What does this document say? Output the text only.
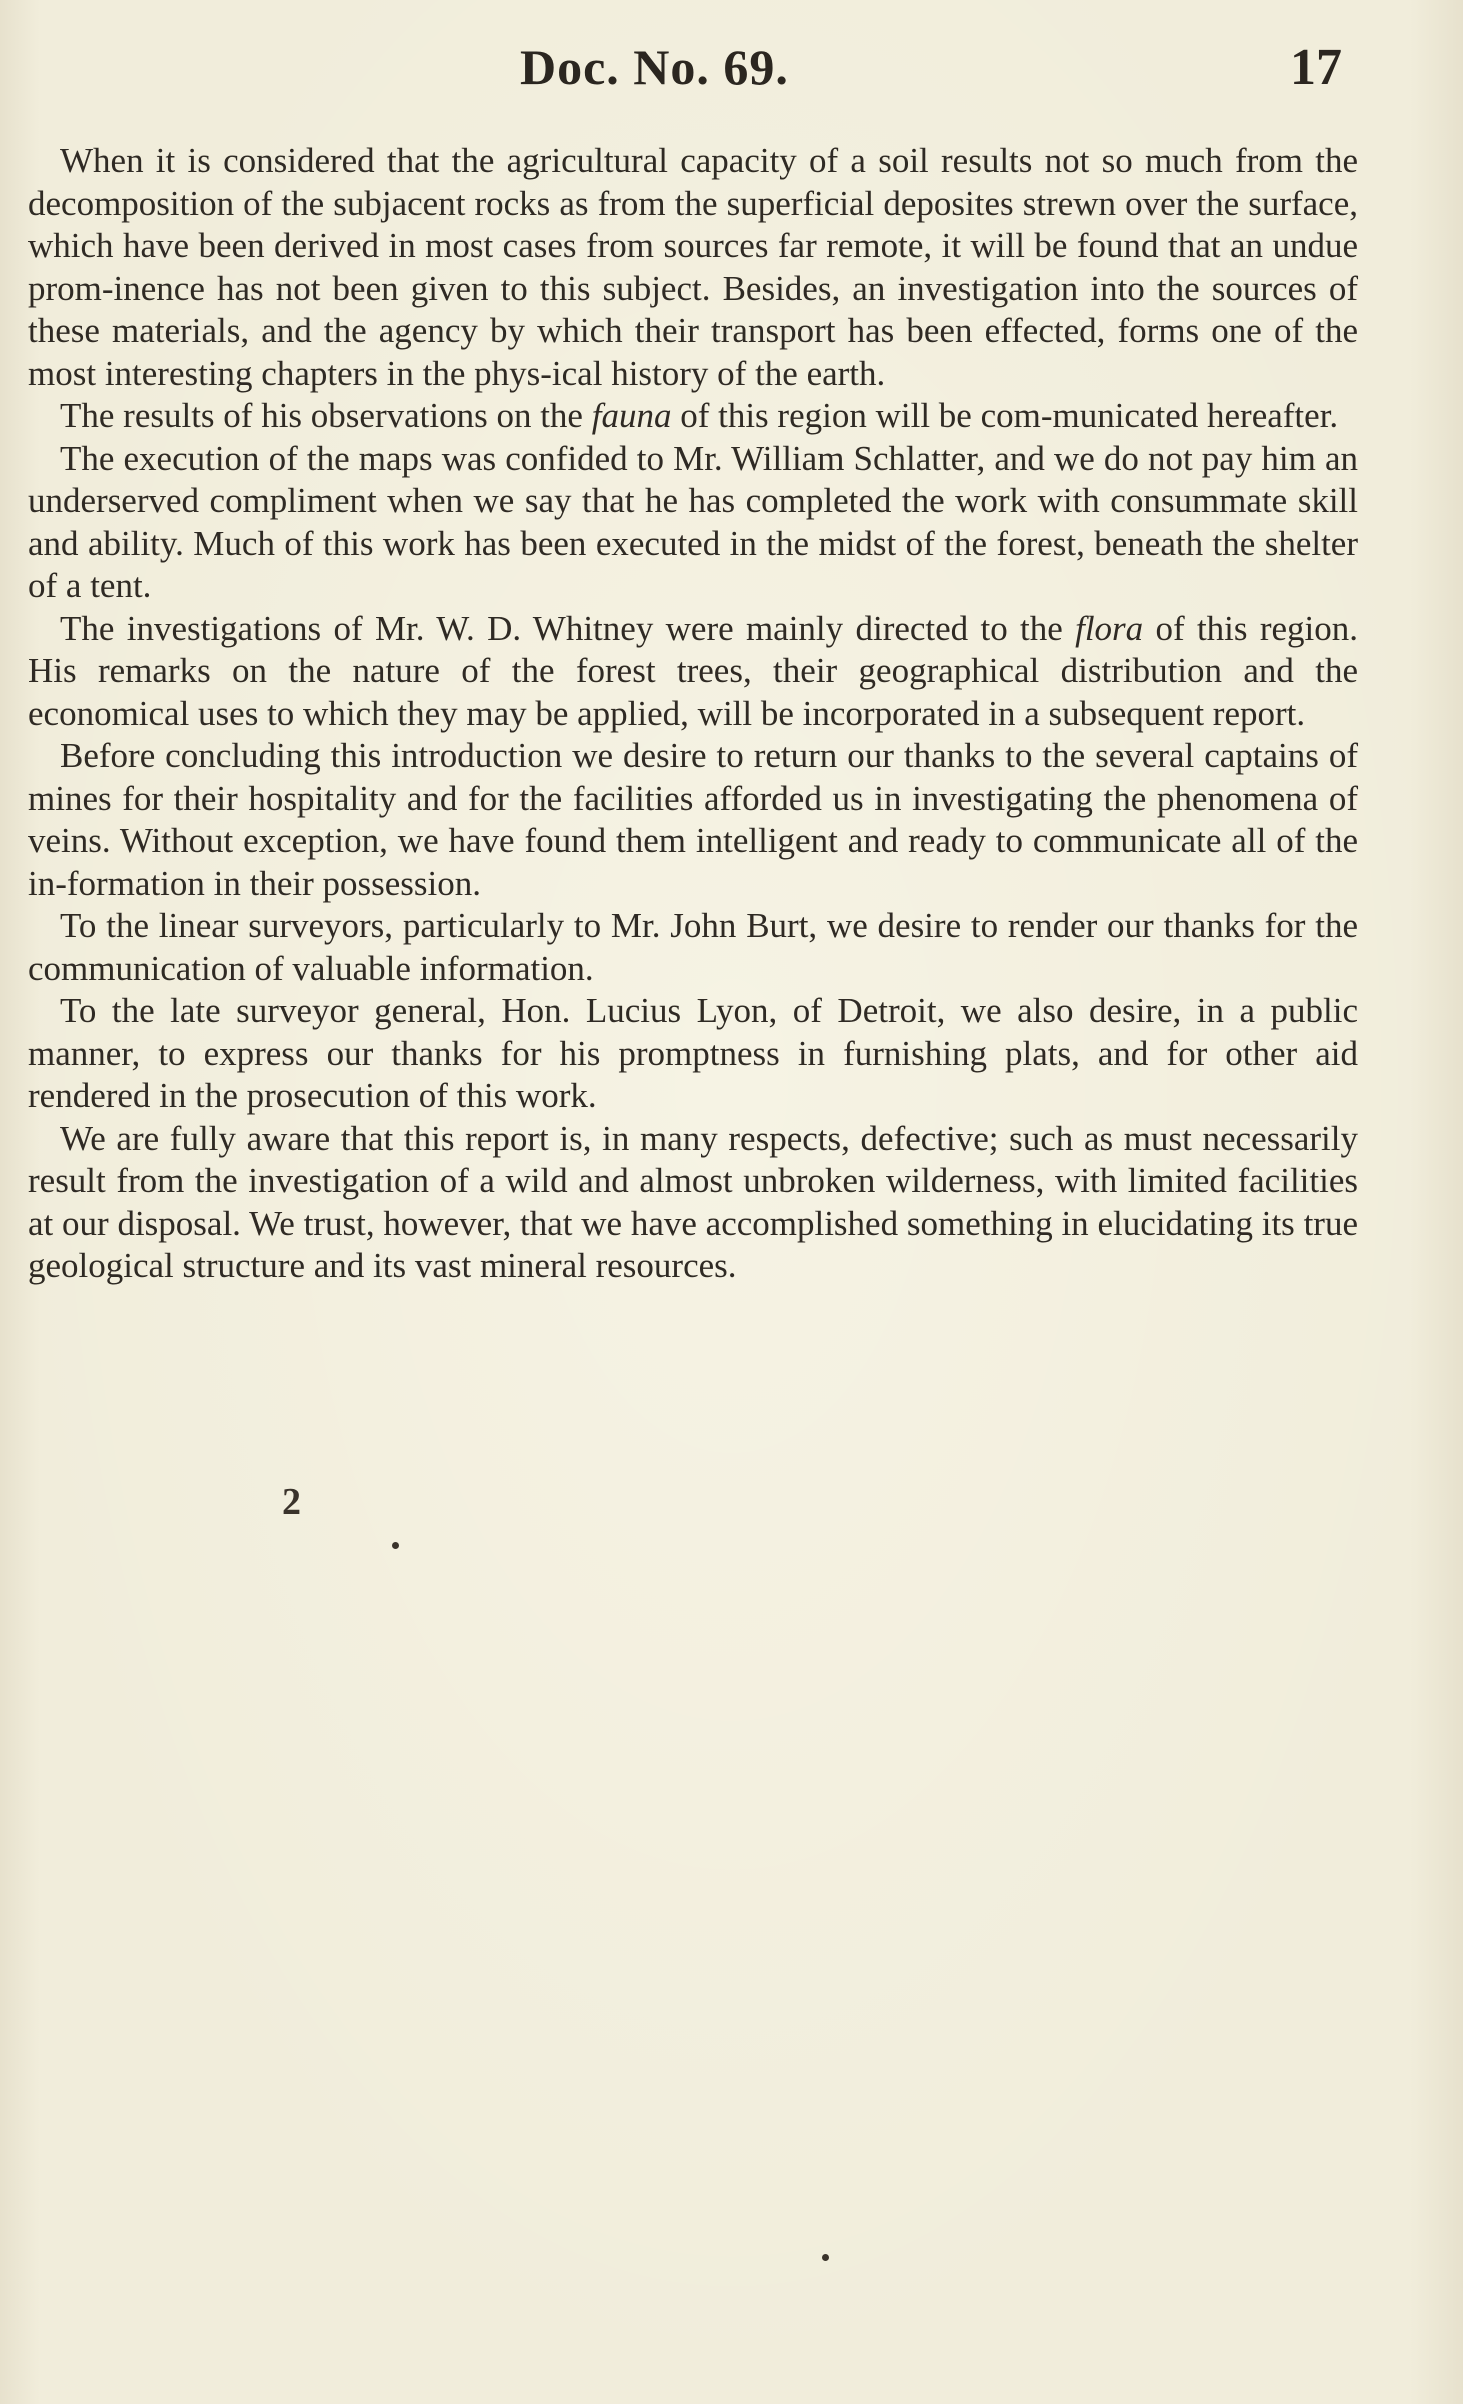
Doc. No. 69.	17

When it is considered that the agricultural capacity of a soil results not so much from the decomposition of the subjacent rocks as from the superficial deposites strewn over the surface, which have been derived in most cases from sources far remote, it will be found that an undue prom-inence has not been given to this subject. Besides, an investigation into the sources of these materials, and the agency by which their transport has been effected, forms one of the most interesting chapters in the phys-ical history of the earth.

The results of his observations on the fauna of this region will be com-municated hereafter.

The execution of the maps was confided to Mr. William Schlatter, and we do not pay him an underserved compliment when we say that he has completed the work with consummate skill and ability. Much of this work has been executed in the midst of the forest, beneath the shelter of a tent.

The investigations of Mr. W. D. Whitney were mainly directed to the flora of this region. His remarks on the nature of the forest trees, their geographical distribution and the economical uses to which they may be applied, will be incorporated in a subsequent report.

Before concluding this introduction we desire to return our thanks to the several captains of mines for their hospitality and for the facilities afforded us in investigating the phenomena of veins. Without exception, we have found them intelligent and ready to communicate all of the in-formation in their possession.

To the linear surveyors, particularly to Mr. John Burt, we desire to render our thanks for the communication of valuable information.

To the late surveyor general, Hon. Lucius Lyon, of Detroit, we also desire, in a public manner, to express our thanks for his promptness in furnishing plats, and for other aid rendered in the prosecution of this work.

We are fully aware that this report is, in many respects, defective; such as must necessarily result from the investigation of a wild and almost unbroken wilderness, with limited facilities at our disposal. We trust, however, that we have accomplished something in elucidating its true geological structure and its vast mineral resources.

2
